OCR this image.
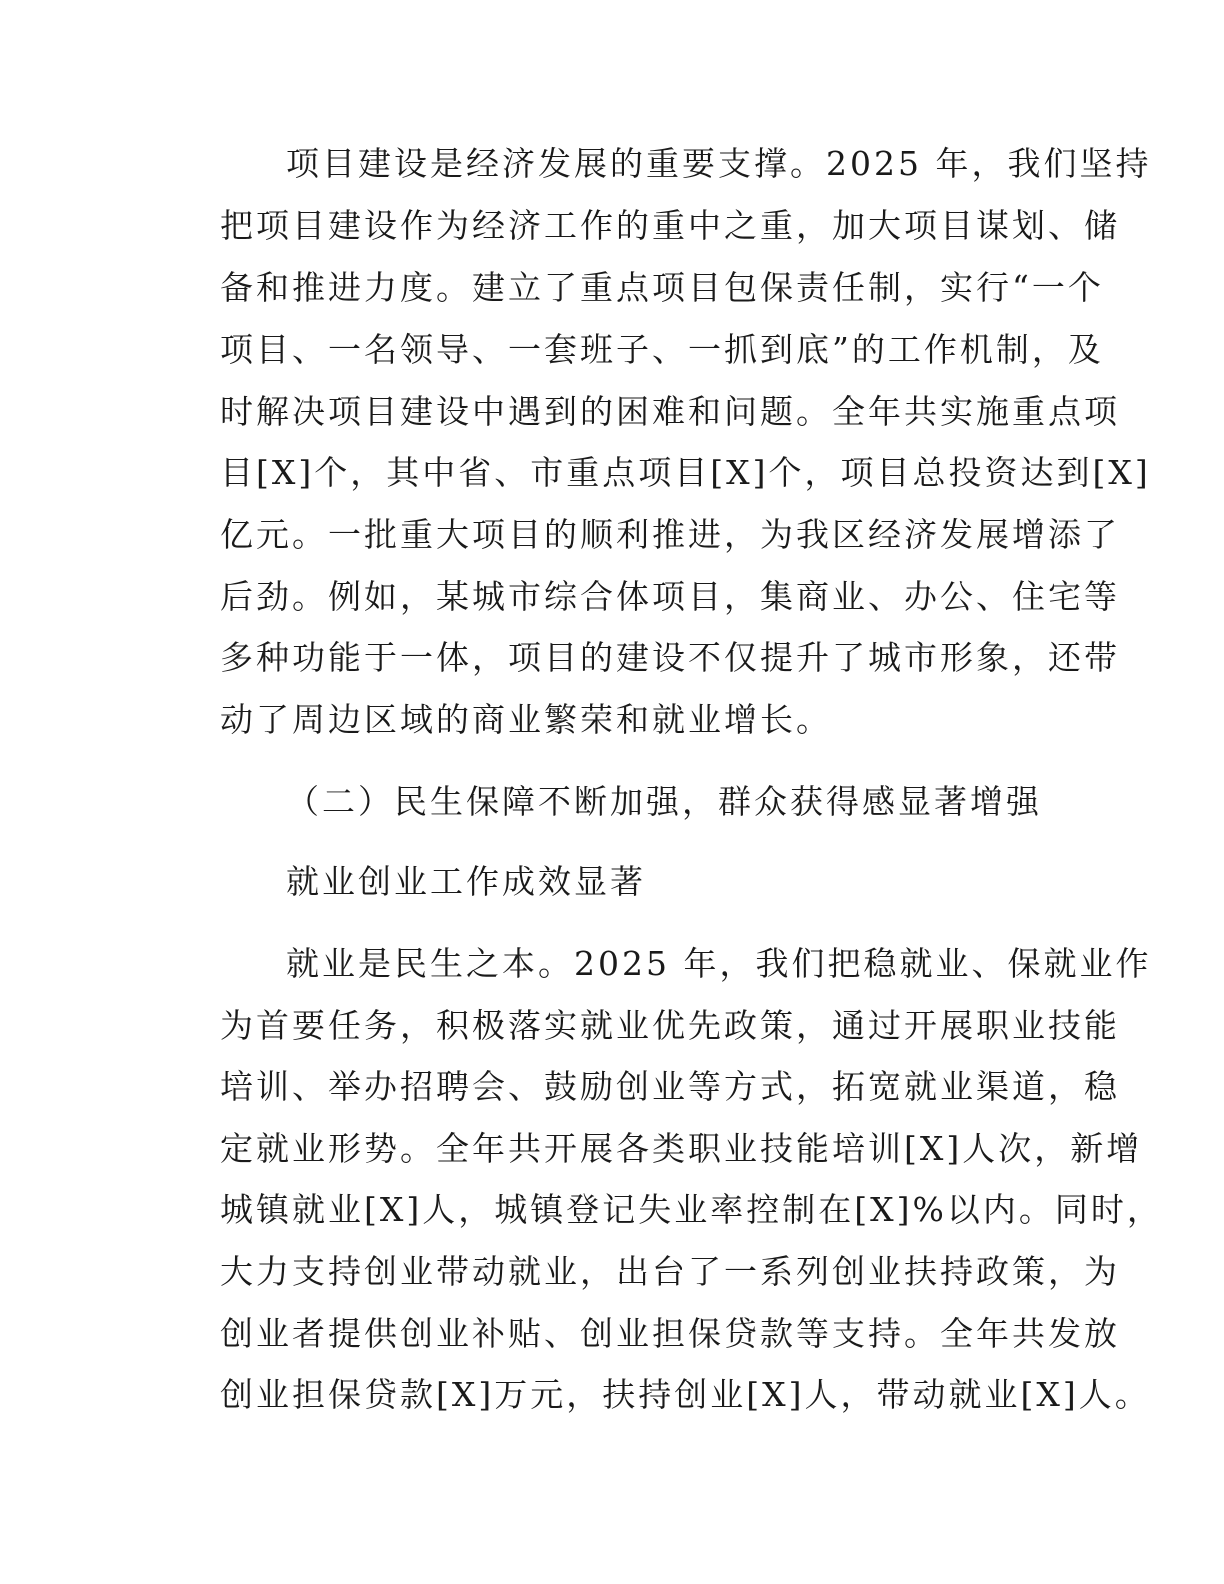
项目建设是经济发展的重要支撑。2025 年，我们坚持
把项目建设作为经济工作的重中之重，加大项目谋划、储
备和推进力度。建立了重点项目包保责任制，实行“一个
项目、一名领导、一套班子、一抓到底”的工作机制，及
时解决项目建设中遇到的困难和问题。全年共实施重点项
目[X]个，其中省、市重点项目[X]个，项目总投资达到[X]
亿元。一批重大项目的顺利推进，为我区经济发展增添了
后劲。例如，某城市综合体项目，集商业、办公、住宅等
多种功能于一体，项目的建设不仅提升了城市形象，还带
动了周边区域的商业繁荣和就业增长。
（二）民生保障不断加强，群众获得感显著增强
就业创业工作成效显著
就业是民生之本。2025 年，我们把稳就业、保就业作
为首要任务，积极落实就业优先政策，通过开展职业技能
培训、举办招聘会、鼓励创业等方式，拓宽就业渠道，稳
定就业形势。全年共开展各类职业技能培训[X]人次，新增
城镇就业[X]人，城镇登记失业率控制在[X]%以内。同时，
大力支持创业带动就业，出台了一系列创业扶持政策，为
创业者提供创业补贴、创业担保贷款等支持。全年共发放
创业担保贷款[X]万元，扶持创业[X]人，带动就业[X]人。
